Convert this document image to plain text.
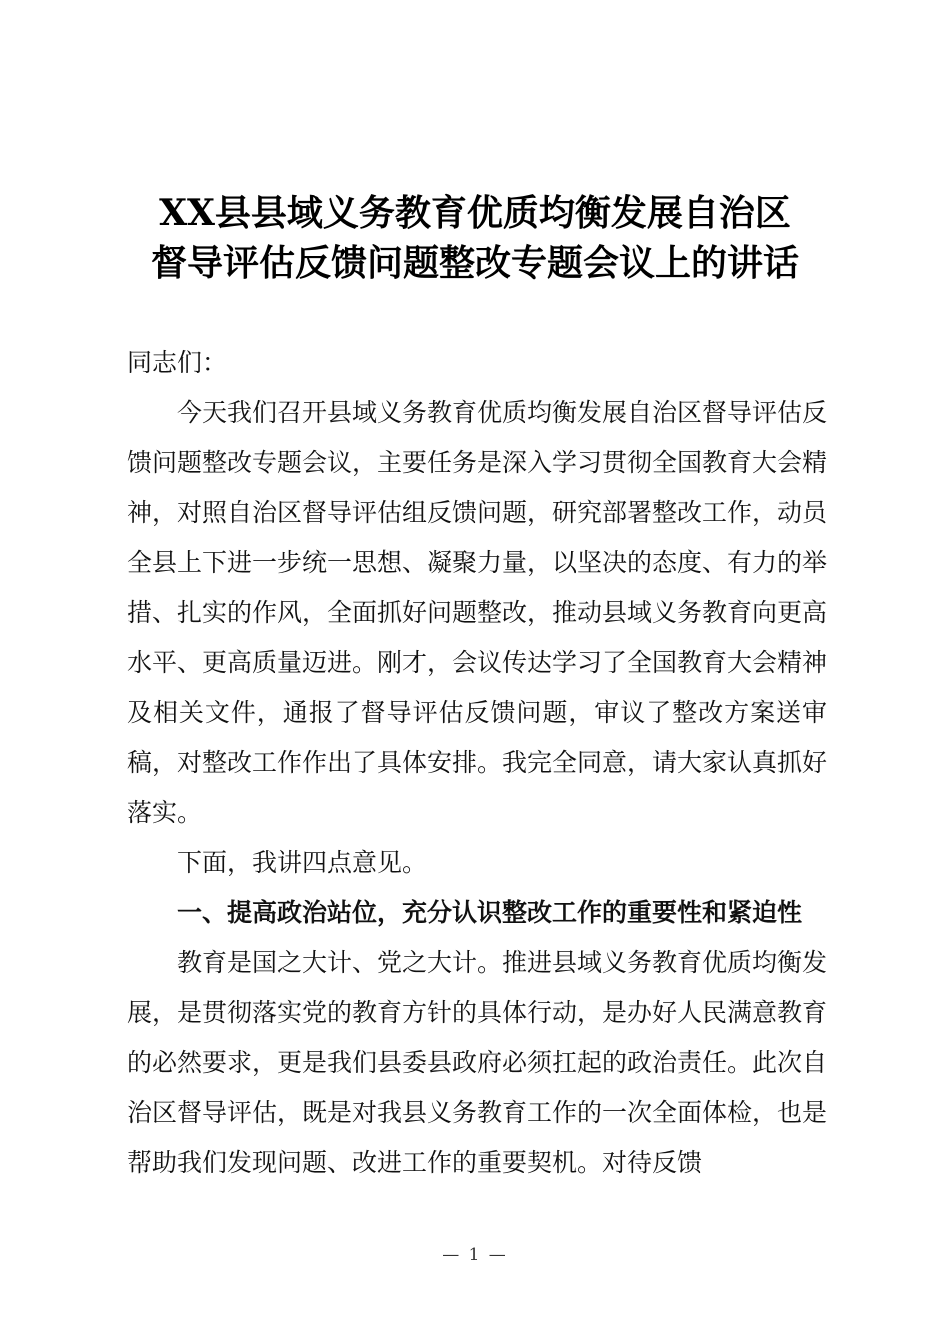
XX县县域义务教育优质均衡发展自治区
督导评估反馈问题整改专题会议上的讲话

同志们：

今天我们召开县域义务教育优质均衡发展自治区督导评估反馈问题整改专题会议，主要任务是深入学习贯彻全国教育大会精神，对照自治区督导评估组反馈问题，研究部署整改工作，动员全县上下进一步统一思想、凝聚力量，以坚决的态度、有力的举措、扎实的作风，全面抓好问题整改，推动县域义务教育向更高水平、更高质量迈进。刚才，会议传达学习了全国教育大会精神及相关文件，通报了督导评估反馈问题，审议了整改方案送审稿，对整改工作作出了具体安排。我完全同意，请大家认真抓好落实。

下面，我讲四点意见。

一、提高政治站位，充分认识整改工作的重要性和紧迫性

教育是国之大计、党之大计。推进县域义务教育优质均衡发展，是贯彻落实党的教育方针的具体行动，是办好人民满意教育的必然要求，更是我们县委县政府必须扛起的政治责任。此次自治区督导评估，既是对我县义务教育工作的一次全面体检，也是帮助我们发现问题、改进工作的重要契机。对待反馈

— 1 —
